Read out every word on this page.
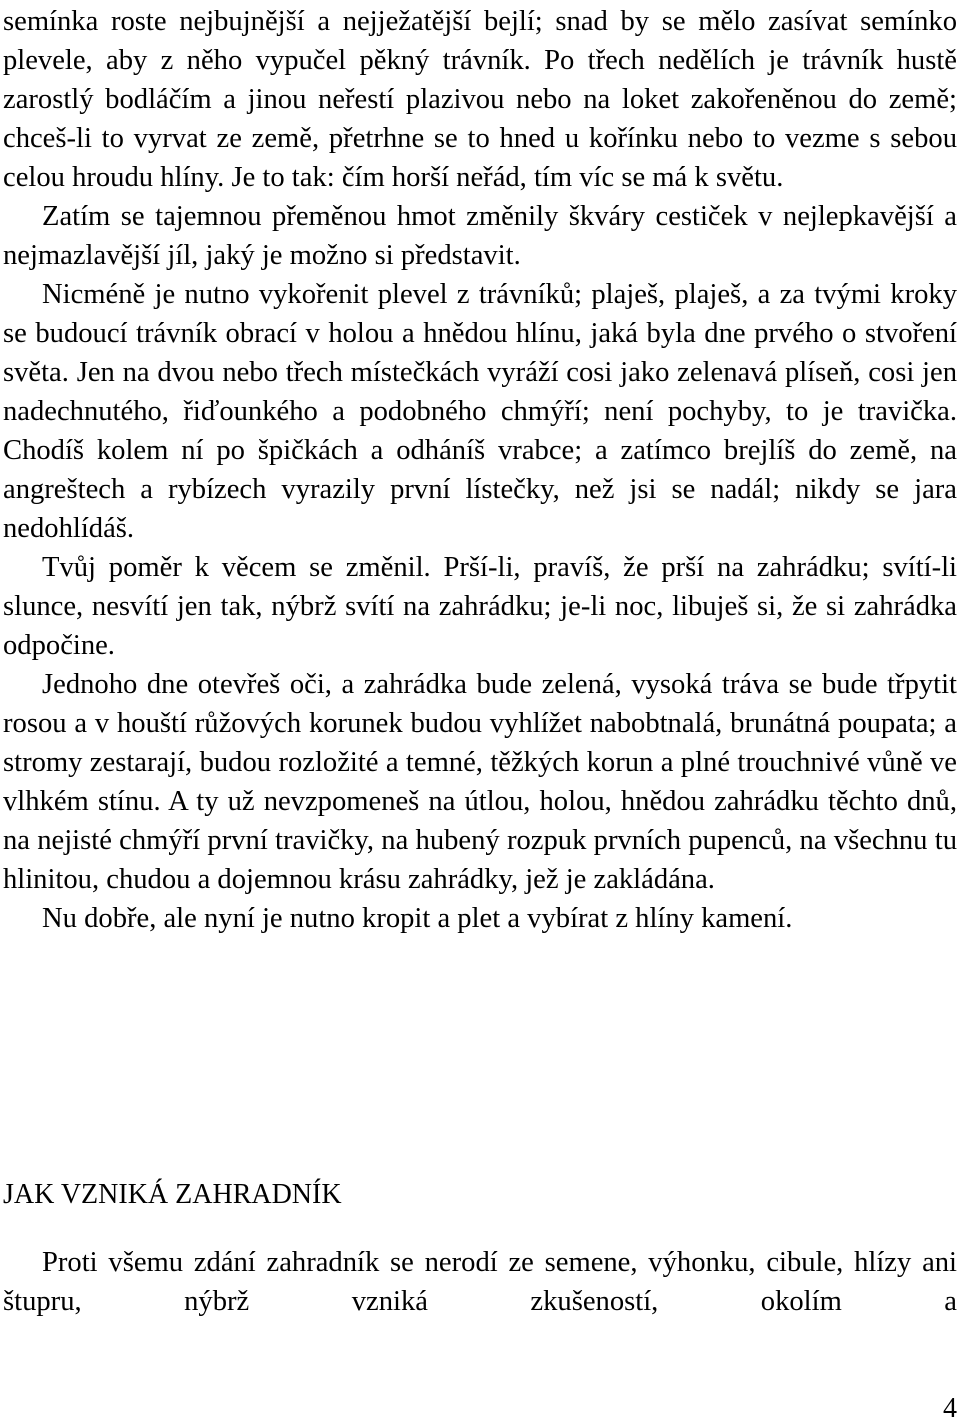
semínka roste nejbujnější a nejježatější bejlí; snad by se mělo zasívat semínko plevele, aby z něho vypučel pěkný trávník. Po třech nedělích je trávník hustě zarostlý bodláčím a jinou neřestí plazivou nebo na loket zakořeněnou do země; chceš-li to vyrvat ze země, přetrhne se to hned u kořínku nebo to vezme s sebou celou hroudu hlíny. Je to tak: čím horší neřád, tím víc se má k světu.

Zatím se tajemnou přeměnou hmot změnily škváry cestiček v nejlepkavější a nejmazlavější jíl, jaký je možno si představit.

Nicméně je nutno vykořenit plevel z trávníků; plaješ, plaješ, a za tvými kroky se budoucí trávník obrací v holou a hnědou hlínu, jaká byla dne prvého o stvoření světa. Jen na dvou nebo třech místečkách vyráží cosi jako zelenavá plíseň, cosi jen nadechnutého, řiďounkého a podobného chmýří; není pochyby, to je travička. Chodíš kolem ní po špičkách a odháníš vrabce; a zatímco brejlíš do země, na angreštech a rybízech vyrazily první lístečky, než jsi se nadál; nikdy se jara nedohlídáš.

Tvůj poměr k věcem se změnil. Prší-li, pravíš, že prší na zahrádku; svítí-li slunce, nesvítí jen tak, nýbrž svítí na zahrádku; je-li noc, libuješ si, že si zahrádka odpočine.

Jednoho dne otevřeš oči, a zahrádka bude zelená, vysoká tráva se bude třpytit rosou a v houští růžových korunek budou vyhlížet nabobtnalá, brunátná poupata; a stromy zestarají, budou rozložité a temné, těžkých korun a plné trouchnivé vůně ve vlhkém stínu. A ty už nevzpomeneš na útlou, holou, hnědou zahrádku těchto dnů, na nejisté chmýří první travičky, na hubený rozpuk prvních pupenců, na všechnu tu hlinitou, chudou a dojemnou krásu zahrádky, jež je zakládána.

Nu dobře, ale nyní je nutno kropit a plet a vybírat z hlíny kamení.

JAK VZNIKÁ ZAHRADNÍK

Proti všemu zdání zahradník se nerodí ze semene, výhonku, cibule, hlízy ani štupru, nýbrž vzniká zkušeností, okolím a

4
